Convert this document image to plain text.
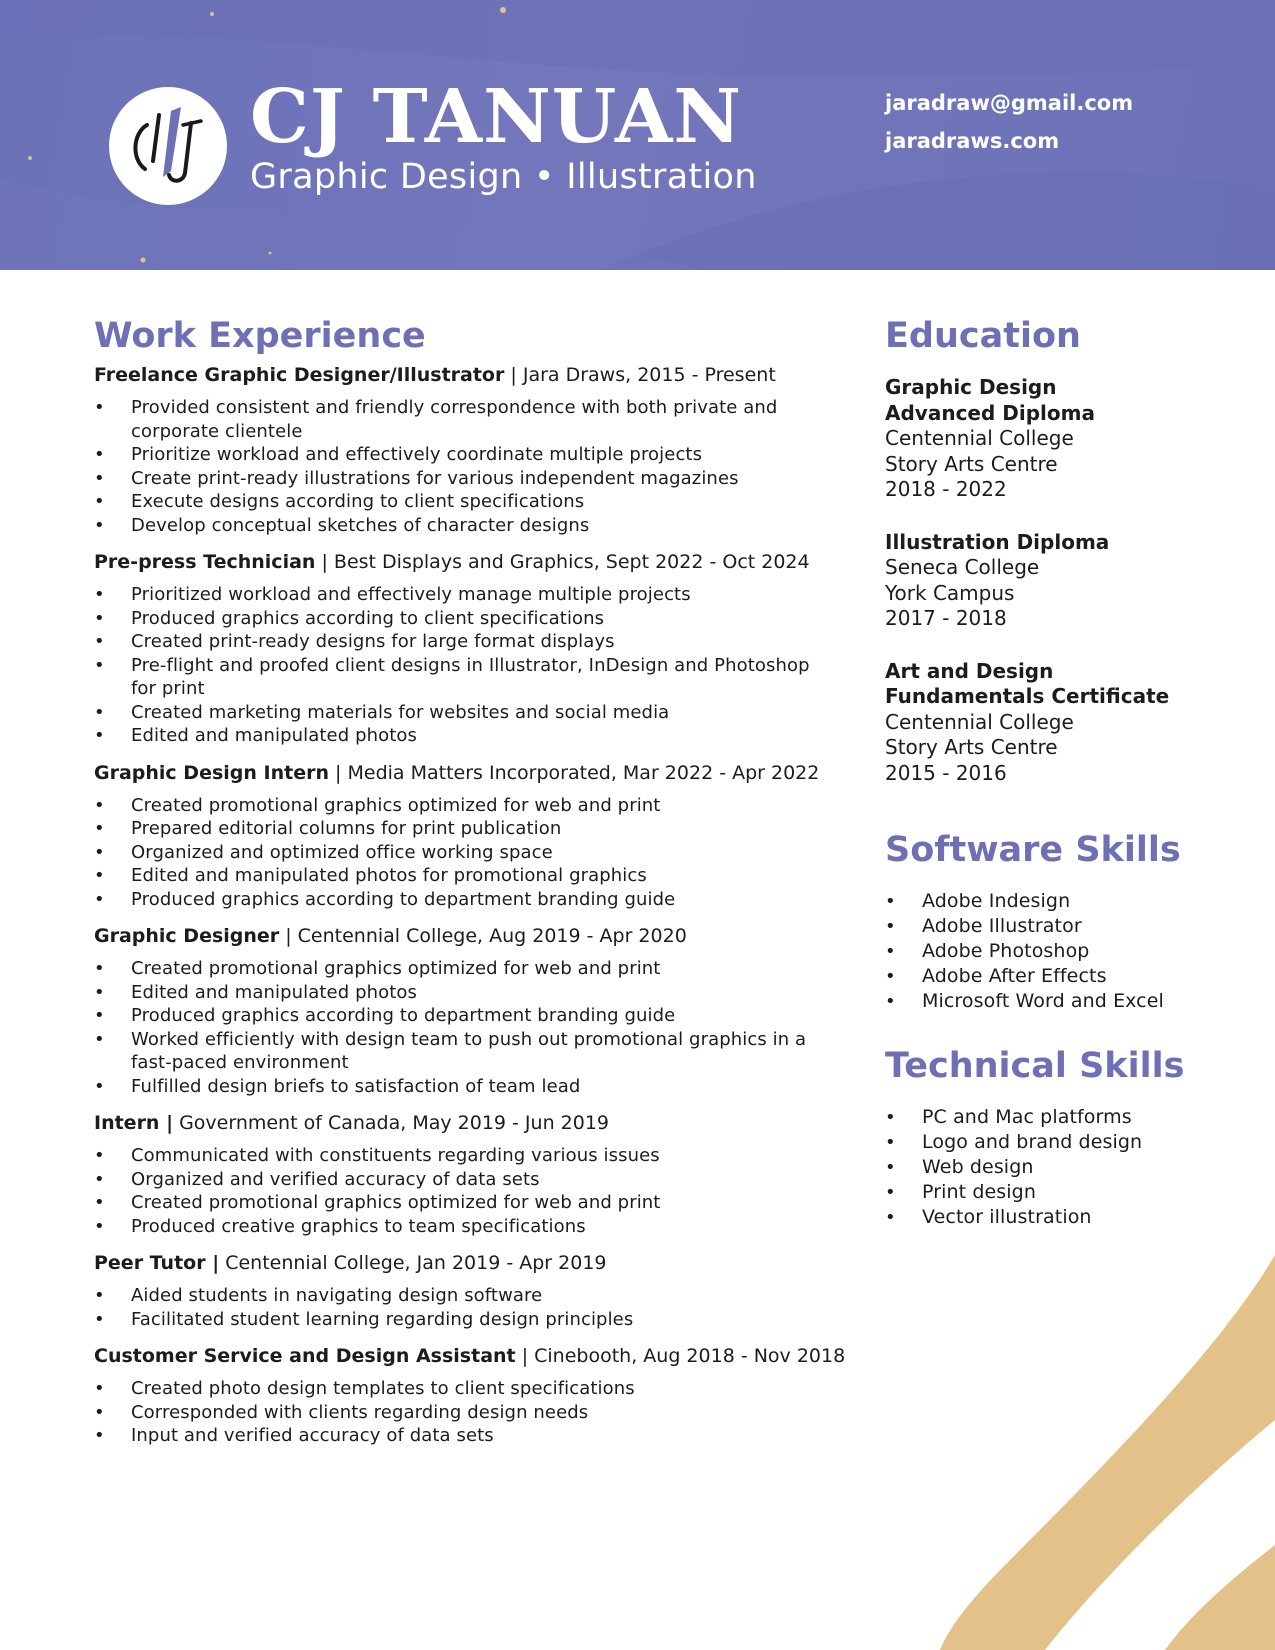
CJ TANUAN
Graphic Design • Illustration
jaradraw@gmail.com
jaradraws.com
Work Experience
Freelance Graphic Designer/Illustrator | Jara Draws, 2015 - Present
• Provided consistent and friendly correspondence with both private and corporate clientele
• Prioritize workload and effectively coordinate multiple projects
• Create print-ready illustrations for various independent magazines
• Execute designs according to client specifications
• Develop conceptual sketches of character designs
Pre-press Technician | Best Displays and Graphics, Sept 2022 - Oct 2024
• Prioritized workload and effectively manage multiple projects
• Produced graphics according to client specifications
• Created print-ready designs for large format displays
• Pre-flight and proofed client designs in Illustrator, InDesign and Photoshop for print
• Created marketing materials for websites and social media
• Edited and manipulated photos
Graphic Design Intern | Media Matters Incorporated, Mar 2022 - Apr 2022
• Created promotional graphics optimized for web and print
• Prepared editorial columns for print publication
• Organized and optimized office working space
• Edited and manipulated photos for promotional graphics
• Produced graphics according to department branding guide
Graphic Designer | Centennial College, Aug 2019 - Apr 2020
• Created promotional graphics optimized for web and print
• Edited and manipulated photos
• Produced graphics according to department branding guide
• Worked efficiently with design team to push out promotional graphics in a fast-paced environment
• Fulfilled design briefs to satisfaction of team lead
Intern | Government of Canada, May 2019 - Jun 2019
• Communicated with constituents regarding various issues
• Organized and verified accuracy of data sets
• Created promotional graphics optimized for web and print
• Produced creative graphics to team specifications
Peer Tutor | Centennial College, Jan 2019 - Apr 2019
• Aided students in navigating design software
• Facilitated student learning regarding design principles
Customer Service and Design Assistant | Cinebooth, Aug 2018 - Nov 2018
• Created photo design templates to client specifications
• Corresponded with clients regarding design needs
• Input and verified accuracy of data sets
Education
Graphic Design
Advanced Diploma
Centennial College
Story Arts Centre
2018 - 2022
Illustration Diploma
Seneca College
York Campus
2017 - 2018
Art and Design
Fundamentals Certificate
Centennial College
Story Arts Centre
2015 - 2016
Software Skills
• Adobe Indesign
• Adobe Illustrator
• Adobe Photoshop
• Adobe After Effects
• Microsoft Word and Excel
Technical Skills
• PC and Mac platforms
• Logo and brand design
• Web design
• Print design
• Vector illustration
